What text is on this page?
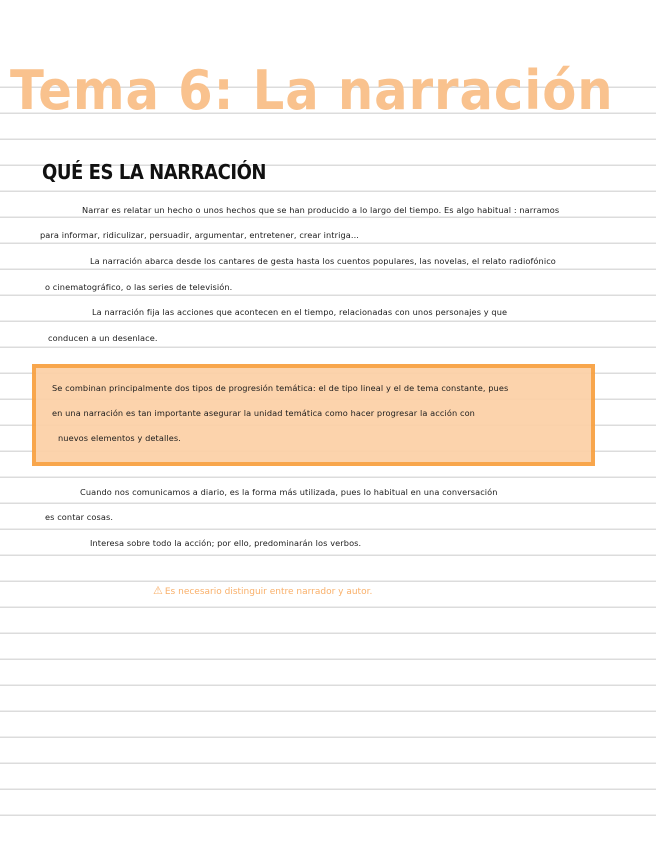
Tema 6: La narración
QUÉ ES LA NARRACIÓN
Narrar es relatar un hecho o unos hechos que se han producido a lo largo del tiempo. Es algo habitual : narramos
para informar, ridiculizar, persuadir, argumentar, entretener, crear intriga...
La narración abarca desde los cantares de gesta hasta los cuentos populares, las novelas, el relato radiofónico
o cinematográfico, o las series de televisión.
La narración fija las acciones que acontecen en el tiempo, relacionadas con unos personajes y que
conducen a un desenlace.
Se combinan principalmente dos tipos de progresión temática: el de tipo lineal y el de tema constante, pues
en una narración es tan importante asegurar la unidad temática como hacer progresar la acción con
nuevos elementos y detalles.
Cuando nos comunicamos a diario, es la forma más utilizada, pues lo habitual en una conversación
es contar cosas.
Interesa sobre todo la acción; por ello, predominarán los verbos.
⚠ Es necesario distinguir entre narrador y autor.
